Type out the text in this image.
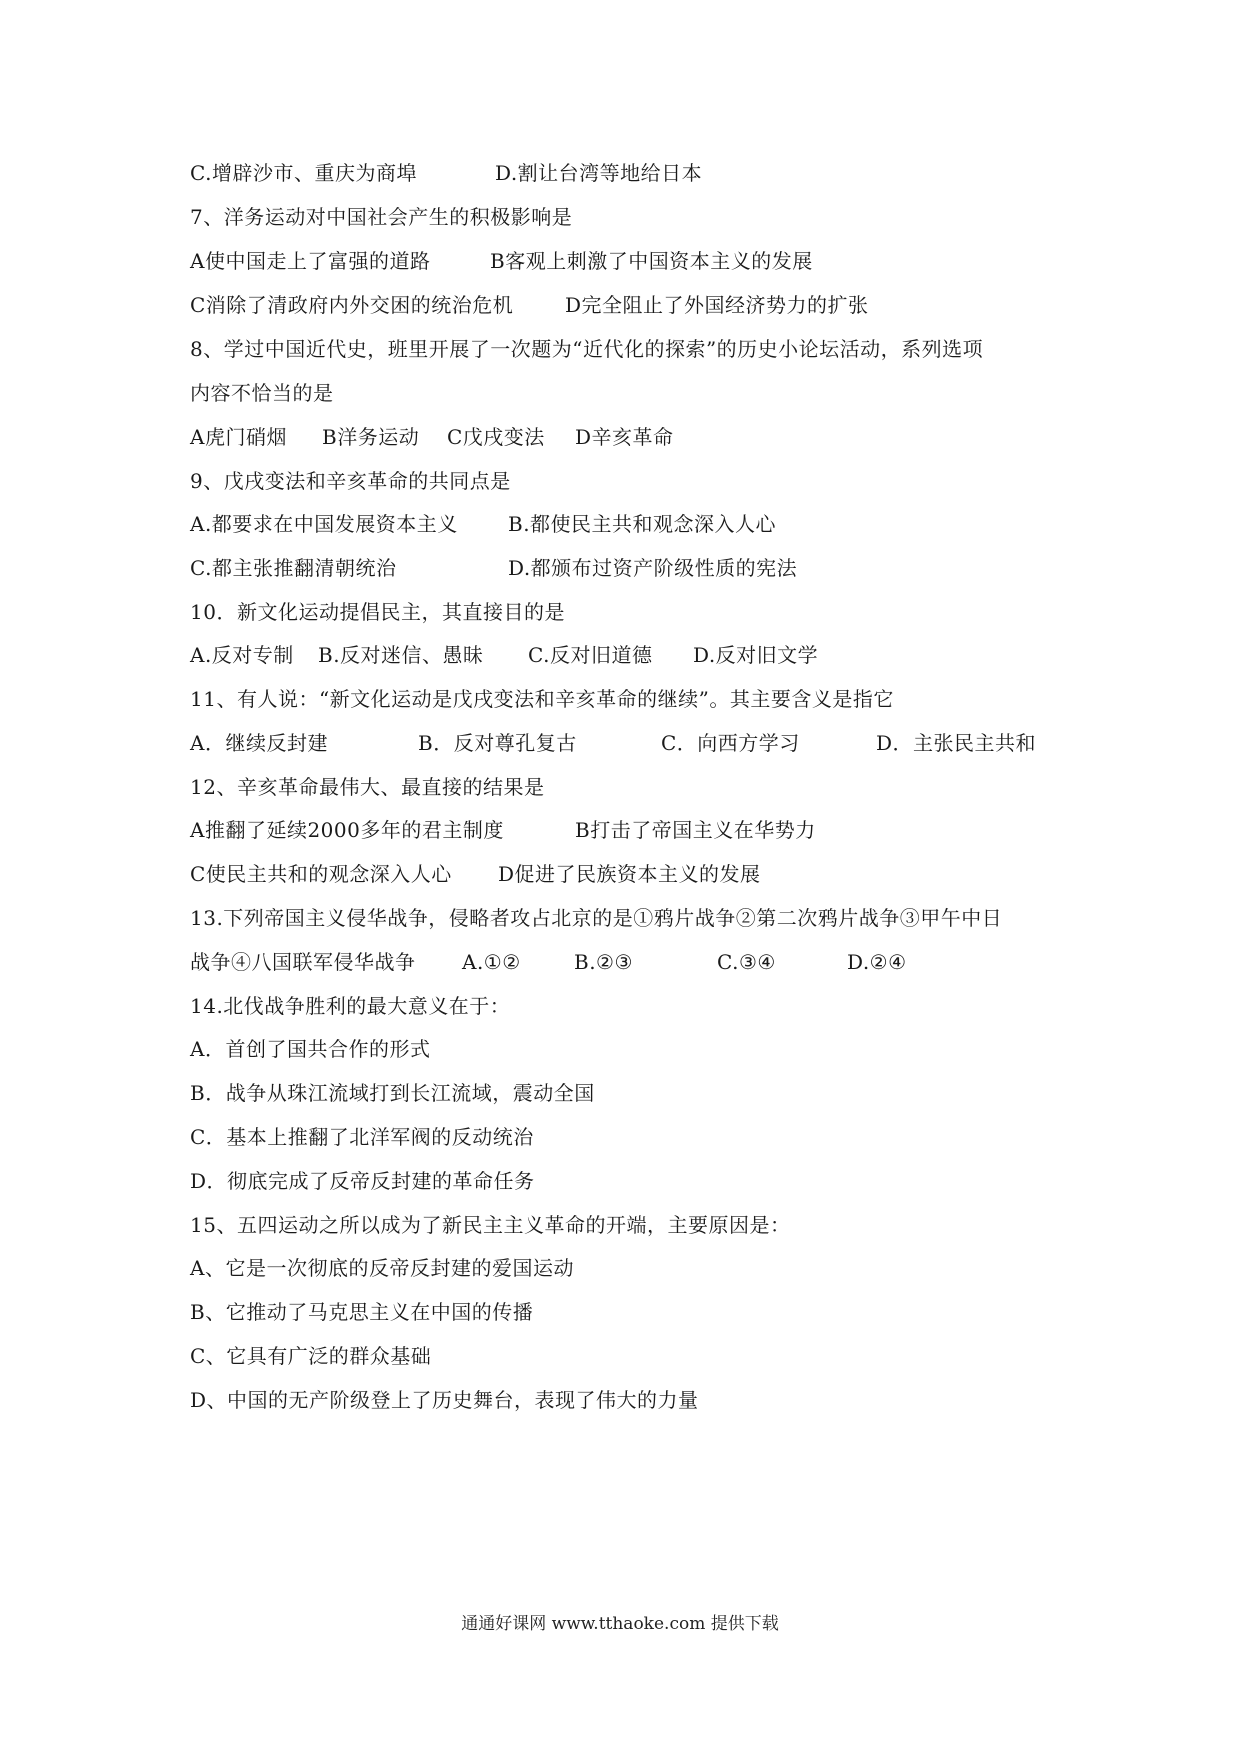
C.增辟沙市、重庆为商埠	D.割让台湾等地给日本
7、洋务运动对中国社会产生的积极影响是
A使中国走上了富强的道路	B客观上刺激了中国资本主义的发展
C消除了清政府内外交困的统治危机	D完全阻止了外国经济势力的扩张
8、学过中国近代史，班里开展了一次题为“近代化的探索”的历史小论坛活动，系列选项
内容不恰当的是
A虎门硝烟 B洋务运动 C戊戌变法 D辛亥革命
9、戊戌变法和辛亥革命的共同点是
A.都要求在中国发展资本主义	B.都使民主共和观念深入人心
C.都主张推翻清朝统治	D.都颁布过资产阶级性质的宪法
10．新文化运动提倡民主，其直接目的是
A.反对专制 B.反对迷信、愚昧 C.反对旧道德 D.反对旧文学
11、有人说：“新文化运动是戊戌变法和辛亥革命的继续”。其主要含义是指它
A．继续反封建	B．反对尊孔复古	C．向西方学习	D．主张民主共和
12、辛亥革命最伟大、最直接的结果是
A推翻了延续2000多年的君主制度	B打击了帝国主义在华势力
C使民主共和的观念深入人心 D促进了民族资本主义的发展
13.下列帝国主义侵华战争，侵略者攻占北京的是①鸦片战争②第二次鸦片战争③甲午中日
战争④八国联军侵华战争 A.①②	B.②③	C.③④	D.②④
14.北伐战争胜利的最大意义在于：
A．首创了国共合作的形式
B．战争从珠江流域打到长江流域，震动全国
C．基本上推翻了北洋军阀的反动统治
D．彻底完成了反帝反封建的革命任务
15、五四运动之所以成为了新民主主义革命的开端，主要原因是：
A、它是一次彻底的反帝反封建的爱国运动
B、它推动了马克思主义在中国的传播
C、它具有广泛的群众基础
D、中国的无产阶级登上了历史舞台，表现了伟大的力量
通通好课网 www.tthaoke.com 提供下载
